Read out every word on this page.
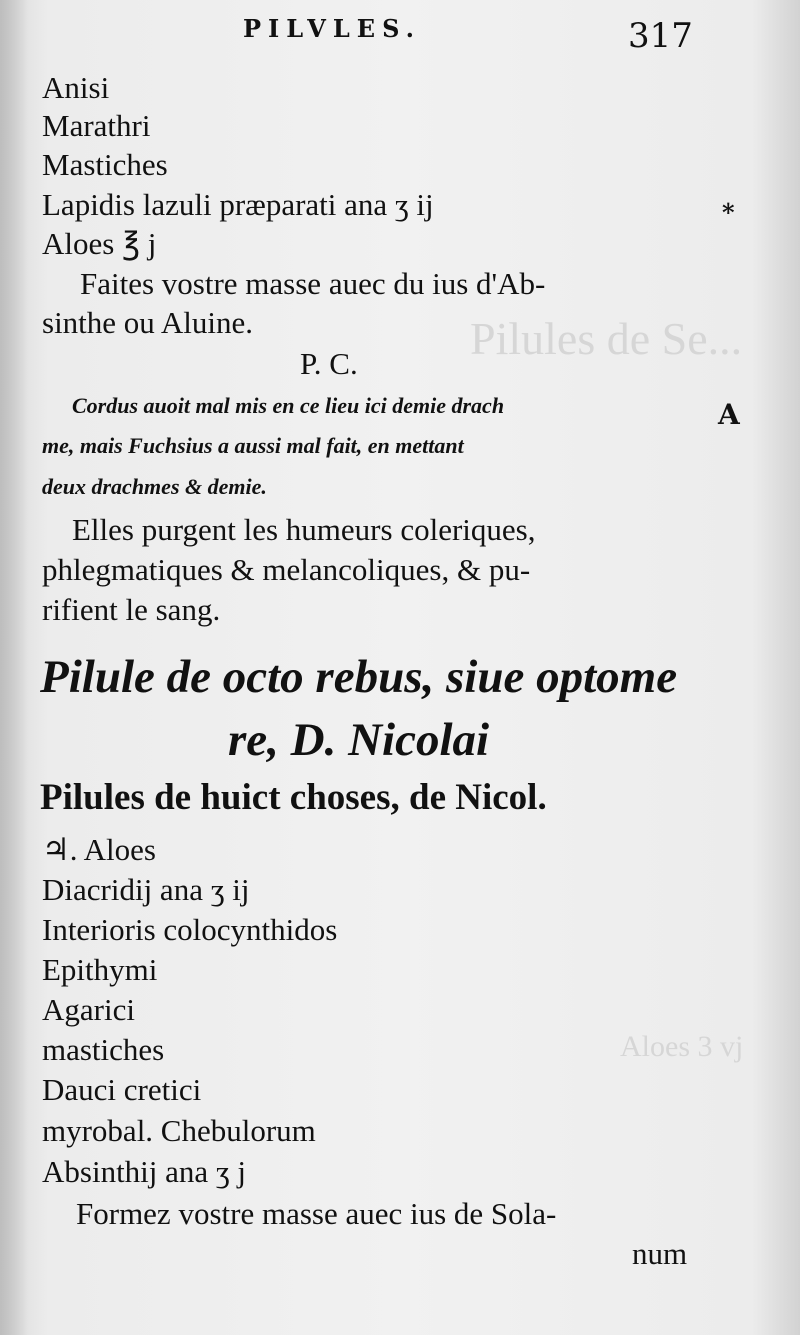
Pilules de Se...
Aloes 3 vj
PILVLES.	317
Anisi
Marathri
Mastiches
Lapidis lazuli præparati ana ʒ ij
Aloes ℥ j
*
Faites vostre masse auec du ius d'Ab-
sinthe ou Aluine.
P. C.
Cordus auoit mal mis en ce lieu ici demie drach
me, mais Fuchsius a aussi mal fait, en mettant
deux drachmes & demie.
A
Elles purgent les humeurs coleriques,
phlegmatiques & melancoliques, & pu-
rifient le sang.
Pilule de octo rebus, siue optome
re, D. Nicolai
Pilules de huict choses, de Nicol.
♃. Aloes
Diacridij ana ʒ ij
Interioris colocynthidos
Epithymi
Agarici
mastiches
Dauci cretici
myrobal. Chebulorum
Absinthij ana ʒ j
Formez vostre masse auec ius de Sola-
num
